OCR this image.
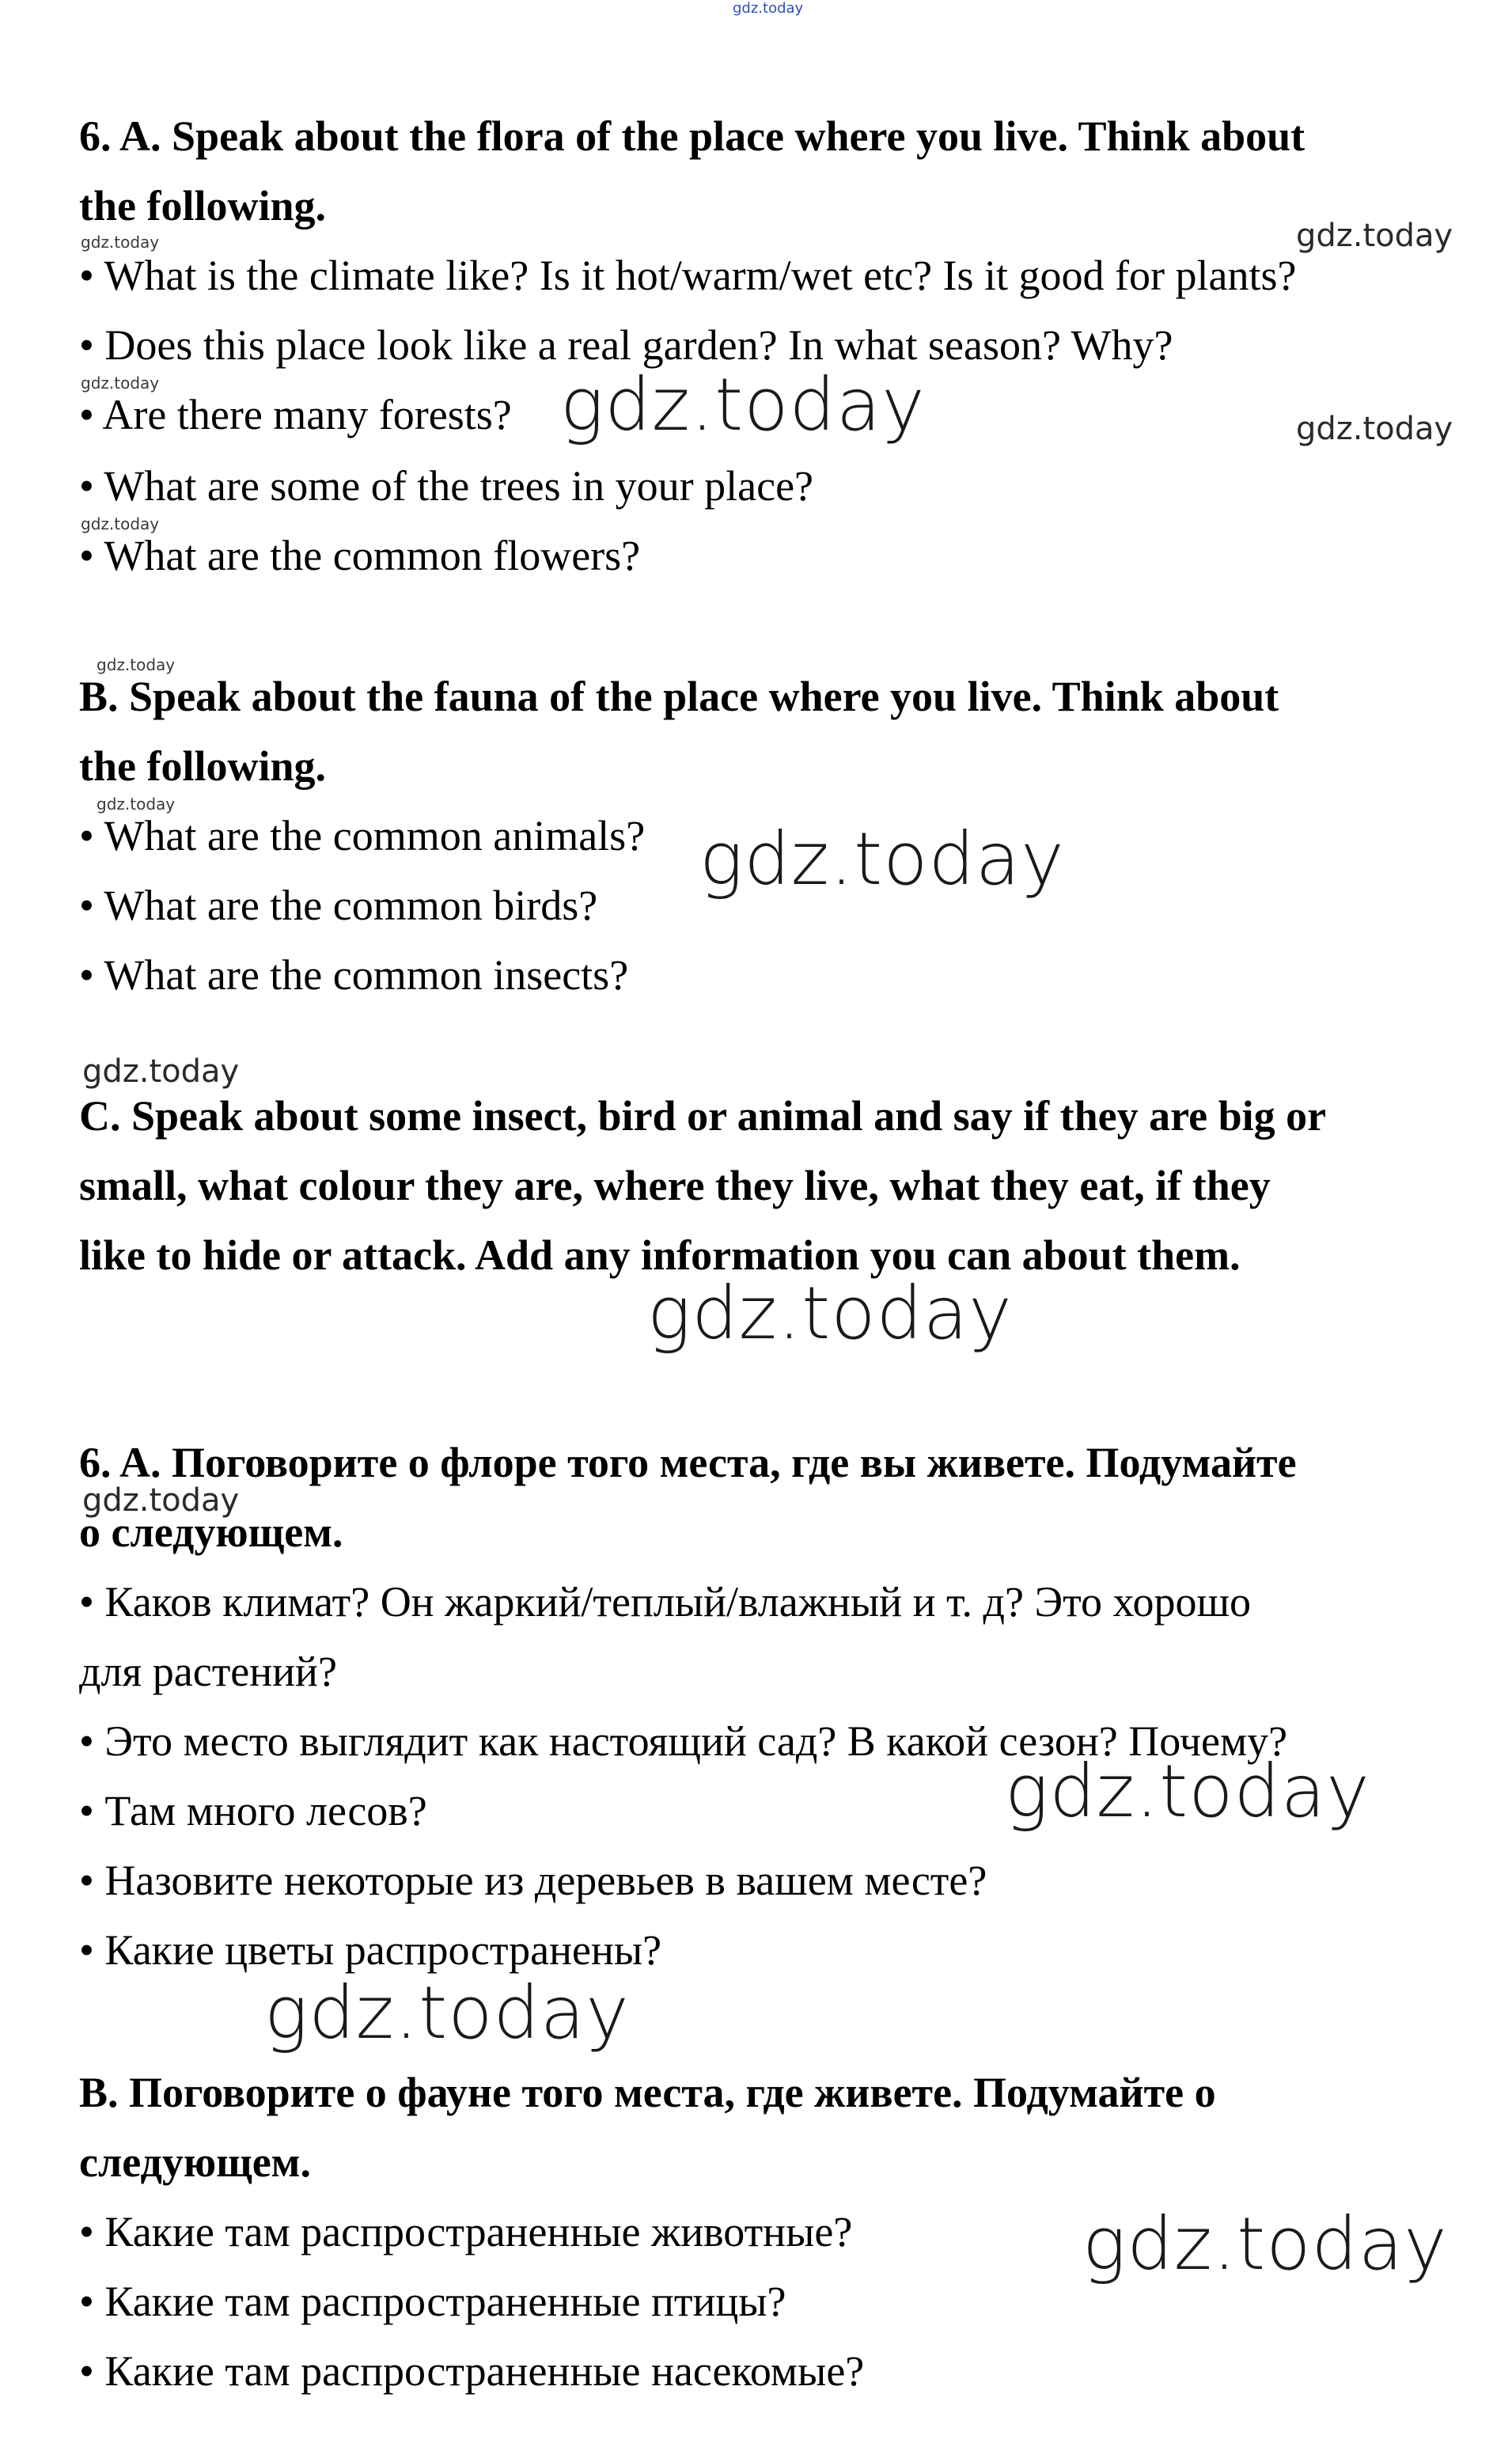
gdz.today

gdz.today	gdz.today

gdz.today	gdz.today	gdz.today

gdz.today

gdz.today

gdz.today

gdz.today

gdz.today

gdz.today

gdz.today

gdz.today

gdz.today

gdz.today

6. A. Speak about the flora of the place where you live. Think about

the following.

• What is the climate like? Is it hot/warm/wet etc? Is it good for plants?

• Does this place look like a real garden? In what season? Why?

• Are there many forests?

• What are some of the trees in your place?

• What are the common flowers?

B. Speak about the fauna of the place where you live. Think about

the following.

• What are the common animals?

• What are the common birds?

• What are the common insects?

C. Speak about some insect, bird or animal and say if they are big or

small, what colour they are, where they live, what they eat, if they

like to hide or attack. Add any information you can about them.

6. A. Поговорите о флоре того места, где вы живете. Подумайте

о следующем.

• Каков климат? Он жаркий/теплый/влажный и т. д? Это хорошо

для растений?

• Это место выглядит как настоящий сад? В какой сезон? Почему?

• Там много лесов?

• Назовите некоторые из деревьев в вашем месте?

• Какие цветы распространены?

B. Поговорите о фауне того места, где живете. Подумайте о

следующем.

• Какие там распространенные животные?

• Какие там распространенные птицы?

• Какие там распространенные насекомые?
